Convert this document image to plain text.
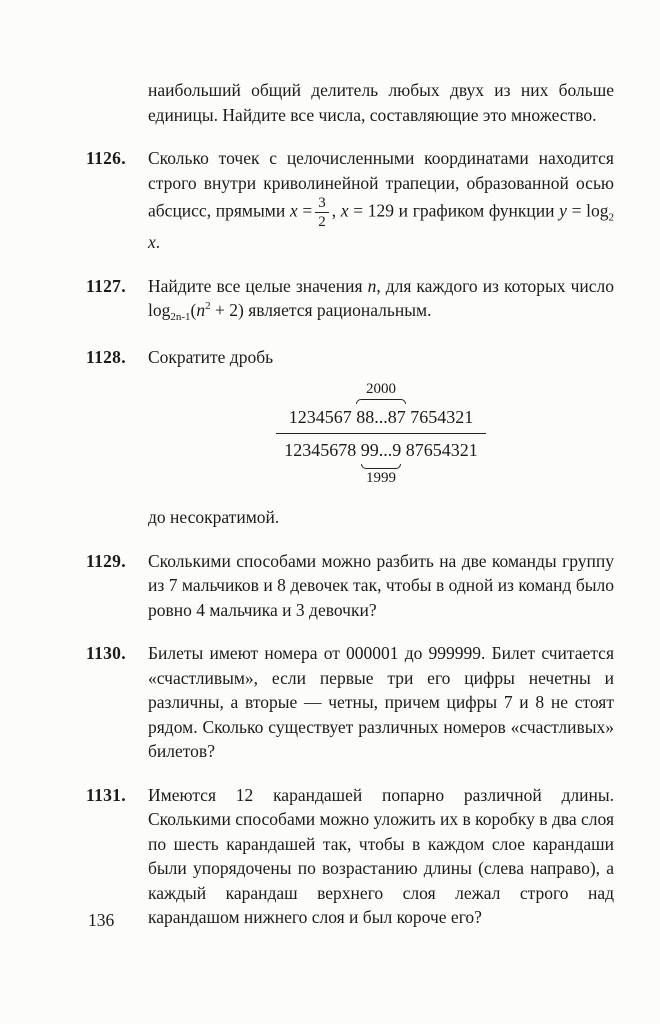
наибольший общий делитель любых двух из них больше единицы. Найдите все числа, составляющие это множество.

1126.	Сколько точек с целочисленными координатами находится строго внутри криволинейной трапеции, образованной осью абсцисс, прямыми $x = \frac{3}{2}$ , x = 129 и графиком функции $y = \log_2 x$.
1127.	Найдите все целые значения n, для каждого из которых число $\log_{2n-1}(n^2 + 2)$ является рациональным.
1128.	Сократите дробь
1234567
2000
88...87 7654321
12345678 99...9
1999
87654321
до несократимой.
1129.	Сколькими способами можно разбить на две команды группу из 7 мальчиков и 8 девочек так, чтобы в одной из команд было ровно 4 мальчика и 3 девочки?
1130.	Билеты имеют номера от 000001 до 999999. Билет считается «счастливым», если первые три его цифры нечетны и различны, а вторые — четны, причем цифры 7 и 8 не стоят рядом. Сколько существует различных номеров «счастливых» билетов?
1131.	Имеются 12 карандашей попарно различной длины. Сколькими способами можно уложить их в коробку в два слоя по шесть карандашей так, чтобы в каждом слое карандаши были упорядочены по возрастанию длины (слева направо), а каждый карандаш верхнего слоя лежал строго над карандашом нижнего слоя и был короче его?
136
